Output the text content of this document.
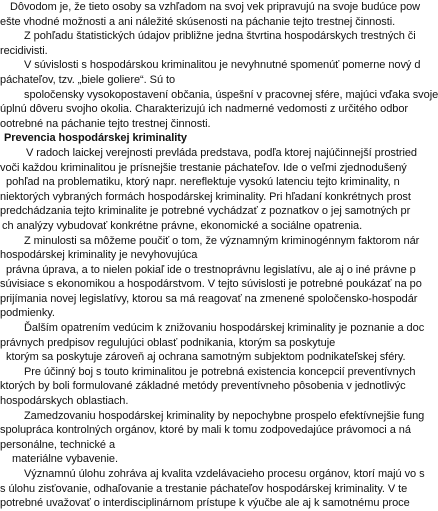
Dôvodom je, že tieto osoby sa vzhľadom na svoj vek pripravujú na svoje budúce pow
ešte vhodné možnosti a ani náležité skúsenosti na páchanie tejto trestnej činnosti.
Z pohľadu štatistických údajov približne jedna štvrtina hospodárskych trestných či
recidivisti.
V súvislosti s hospodárskou kriminalitou je nevyhnutné spomenúť pomerne nový d
páchateľov, tzv. „biele goliere“. Sú to
spoločensky vysokopostavení občania, úspešní v pracovnej sfére, majúci vďaka svoje
úplnú dôveru svojho okolia. Charakterizujú ich nadmerné vedomosti z určitého odbor
ootrebné na páchanie tejto trestnej činnosti.
Prevencia hospodárskej kriminality
V radoch laickej verejnosti prevláda predstava, podľa ktorej najúčinnejší prostried
voči každou kriminalitou je prísnejšie trestanie páchateľov. Ide o veľmi zjednodušený
pohľad na problematiku, ktorý napr. nereflektuje vysokú latenciu tejto kriminality, n
niektorých vybraných formách hospodárskej kriminality. Pri hľadaní konkrétnych prost
predchádzania tejto kriminalite je potrebné vychádzať z poznatkov o jej samotných pr
ch analýzy vybudovať konkrétne právne, ekonomické a sociálne opatrenia.
Z minulosti sa môžeme poučiť o tom, že významným kriminogénnym faktorom nár
hospodárskej kriminality je nevyhovujúca
právna úprava, a to nielen pokiaľ ide o trestnoprávnu legislatívu, ale aj o iné právne p
súvisiace s ekonomikou a hospodárstvom. V tejto súvislosti je potrebné poukázať na po
prijímania novej legislatívy, ktorou sa má reagovať na zmenené spoločensko-hospodár
podmienky.
Ďalším opatrením vedúcim k znižovaniu hospodárskej kriminality je poznanie a doc
právnych predpisov regulujúci oblasť podnikania, ktorým sa poskytuje
ktorým sa poskytuje zároveň aj ochrana samotným subjektom podnikateľskej sféry.
Pre účinný boj s touto kriminalitou je potrebná existencia koncepcií preventívnych
ktorých by boli formulované základné metódy preventívneho pôsobenia v jednotlivýc
hospodárskych oblastiach.
Zamedzovaniu hospodárskej kriminality by nepochybne prospelo efektívnejšie fung
spolupráca kontrolných orgánov, ktoré by mali k tomu zodpovedajúce právomoci a ná
personálne, technické a
materiálne vybavenie.
Významnú úlohu zohráva aj kvalita vzdelávacieho procesu orgánov, ktorí majú vo s
s úlohu zisťovanie, odhaľovanie a trestanie páchateľov hospodárskej kriminality. V te
potrebné uvažovať o interdisciplinárnom prístupe k výučbe ale aj k samotnému proce
